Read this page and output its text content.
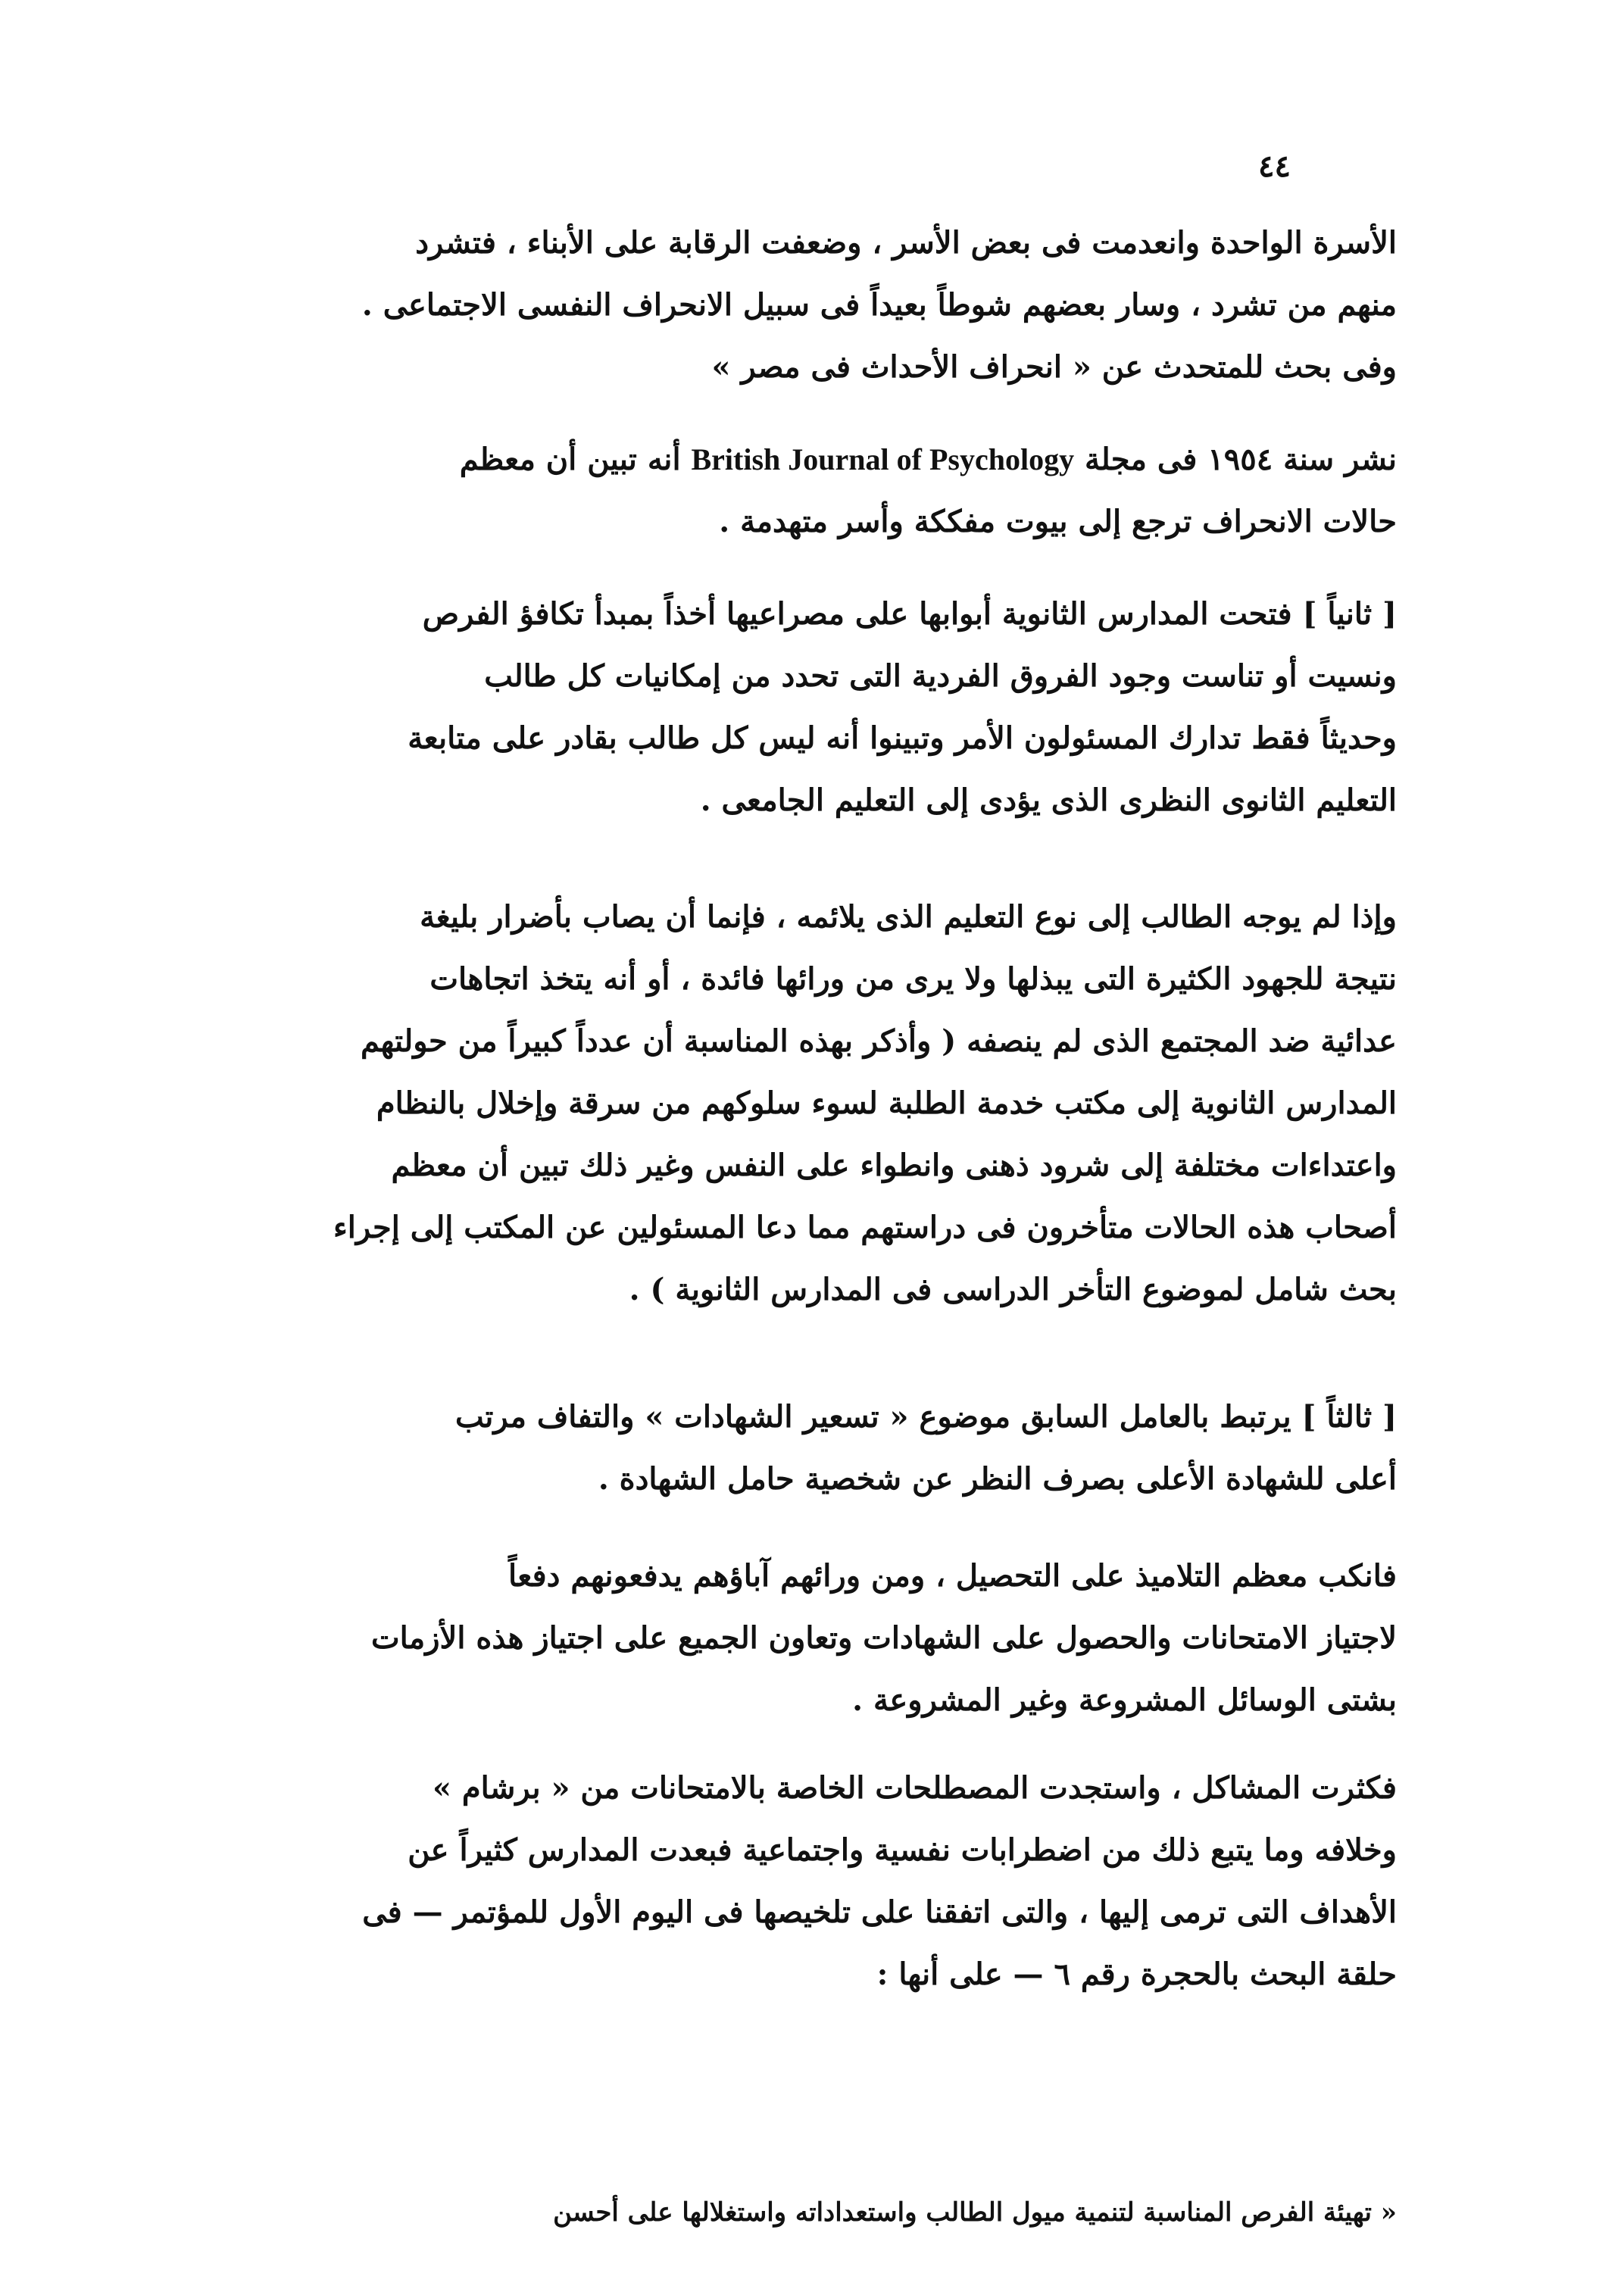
٤٤

الأسرة الواحدة وانعدمت فى بعض الأسر ، وضعفت الرقابة على الأبناء ، فتشرد

منهم من تشرد ، وسار بعضهم شوطاً بعيداً فى سبيل الانحراف النفسى الاجتماعى .

وفى بحث للمتحدث عن « انحراف الأحداث فى مصر »

نشر سنة ١٩٥٤ فى مجلة British Journal of Psychology أنه تبين أن معظم

حالات الانحراف ترجع إلى بيوت مفككة وأسر متهدمة .

[ ثانياً ] فتحت المدارس الثانوية أبوابها على مصراعيها أخذاً بمبدأ تكافؤ الفرص

ونسيت أو تناست وجود الفروق الفردية التى تحدد من إمكانيات كل طالب

وحديثاً فقط تدارك المسئولون الأمر وتبينوا أنه ليس كل طالب بقادر على متابعة

التعليم الثانوى النظرى الذى يؤدى إلى التعليم الجامعى .

وإذا لم يوجه الطالب إلى نوع التعليم الذى يلائمه ، فإنما أن يصاب بأضرار بليغة

نتيجة للجهود الكثيرة التى يبذلها ولا يرى من ورائها فائدة ، أو أنه يتخذ اتجاهات

عدائية ضد المجتمع الذى لم ينصفه ( وأذكر بهذه المناسبة أن عدداً كبيراً من حولتهم

المدارس الثانوية إلى مكتب خدمة الطلبة لسوء سلوكهم من سرقة وإخلال بالنظام

واعتداءات مختلفة إلى شرود ذهنى وانطواء على النفس وغير ذلك تبين أن معظم

أصحاب هذه الحالات متأخرون فى دراستهم مما دعا المسئولين عن المكتب إلى إجراء

بحث شامل لموضوع التأخر الدراسى فى المدارس الثانوية ) .

[ ثالثاً ] يرتبط بالعامل السابق موضوع « تسعير الشهادات » والتفاف مرتب

أعلى للشهادة الأعلى بصرف النظر عن شخصية حامل الشهادة .

فانكب معظم التلاميذ على التحصيل ، ومن ورائهم آباؤهم يدفعونهم دفعاً

لاجتياز الامتحانات والحصول على الشهادات وتعاون الجميع على اجتياز هذه الأزمات

بشتى الوسائل المشروعة وغير المشروعة .

فكثرت المشاكل ، واستجدت المصطلحات الخاصة بالامتحانات من « برشام »

وخلافه وما يتبع ذلك من اضطرابات نفسية واجتماعية فبعدت المدارس كثيراً عن

الأهداف التى ترمى إليها ، والتى اتفقنا على تلخيصها فى اليوم الأول للمؤتمر — فى

حلقة البحث بالحجرة رقم ٦ — على أنها :

« تهيئة الفرص المناسبة لتنمية ميول الطالب واستعداداته واستغلالها على أحسن
